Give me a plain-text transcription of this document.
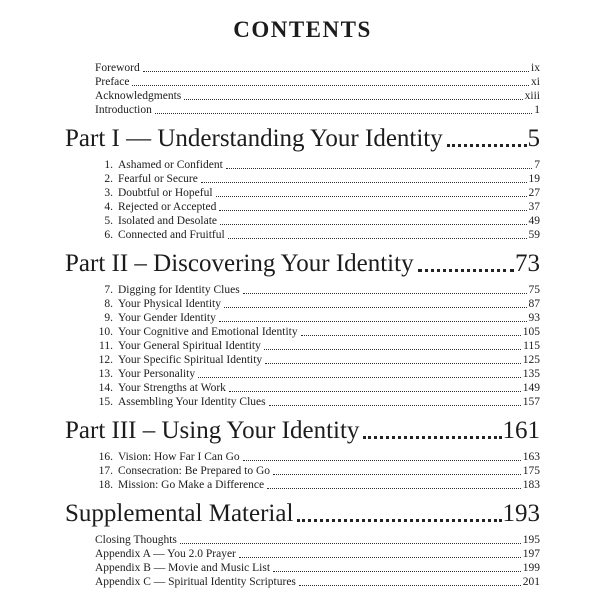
CONTENTS
Foreword	ix
Preface	xi
Acknowledgments	xiii
Introduction	1
Part I — Understanding Your Identity	5
1. Ashamed or Confident	7
2. Fearful or Secure	19
3. Doubtful or Hopeful	27
4. Rejected or Accepted	37
5. Isolated and Desolate	49
6. Connected and Fruitful	59
Part II – Discovering Your Identity	73
7. Digging for Identity Clues	75
8. Your Physical Identity	87
9. Your Gender Identity	93
10. Your Cognitive and Emotional Identity	105
11. Your General Spiritual Identity	115
12. Your Specific Spiritual Identity	125
13. Your Personality	135
14. Your Strengths at Work	149
15. Assembling Your Identity Clues	157
Part III – Using Your Identity	161
16. Vision: How Far I Can Go	163
17. Consecration: Be Prepared to Go	175
18. Mission: Go Make a Difference	183
Supplemental Material	193
Closing Thoughts	195
Appendix A — You 2.0 Prayer	197
Appendix B — Movie and Music List	199
Appendix C — Spiritual Identity Scriptures	201
